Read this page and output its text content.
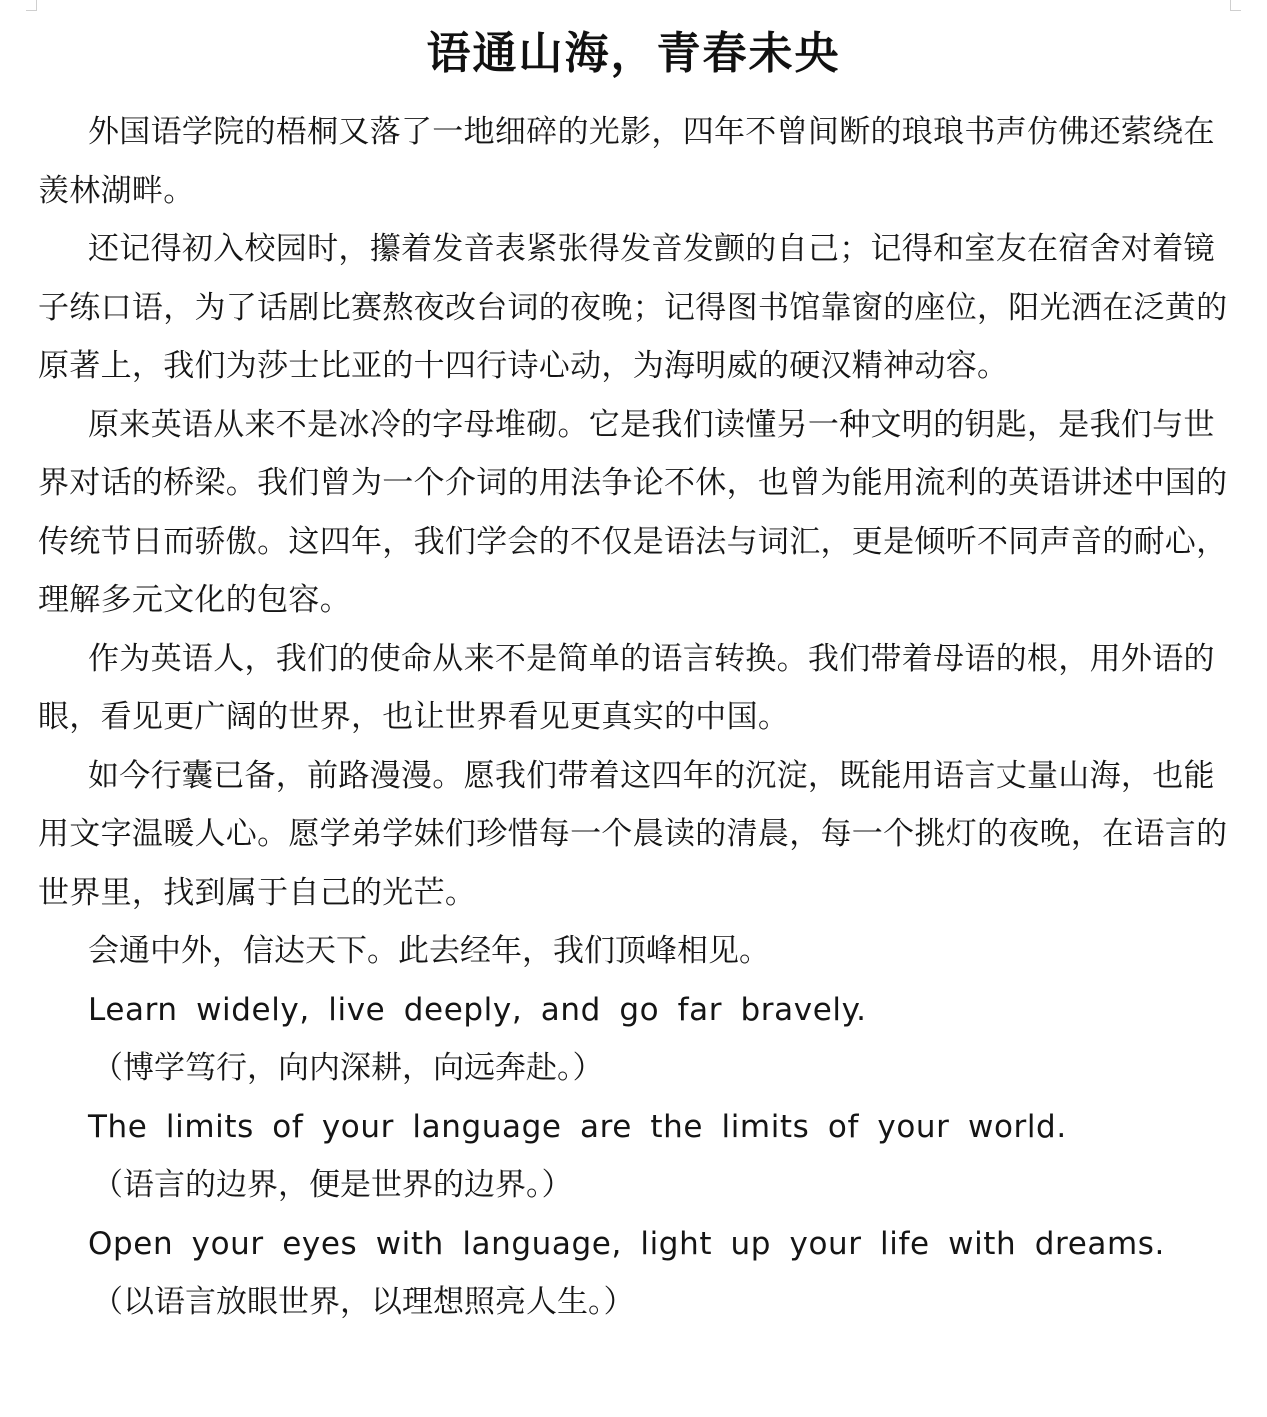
语通山海，青春未央

外国语学院的梧桐又落了一地细碎的光影，四年不曾间断的琅琅书声仿佛还萦绕在羡林湖畔。

还记得初入校园时，攥着发音表紧张得发音发颤的自己；记得和室友在宿舍对着镜子练口语，为了话剧比赛熬夜改台词的夜晚；记得图书馆靠窗的座位，阳光洒在泛黄的原著上，我们为莎士比亚的十四行诗心动，为海明威的硬汉精神动容。

原来英语从来不是冰冷的字母堆砌。它是我们读懂另一种文明的钥匙，是我们与世界对话的桥梁。我们曾为一个介词的用法争论不休，也曾为能用流利的英语讲述中国的传统节日而骄傲。这四年，我们学会的不仅是语法与词汇，更是倾听不同声音的耐心，理解多元文化的包容。

作为英语人，我们的使命从来不是简单的语言转换。我们带着母语的根，用外语的眼，看见更广阔的世界，也让世界看见更真实的中国。

如今行囊已备，前路漫漫。愿我们带着这四年的沉淀，既能用语言丈量山海，也能用文字温暖人心。愿学弟学妹们珍惜每一个晨读的清晨，每一个挑灯的夜晚，在语言的世界里，找到属于自己的光芒。

会通中外，信达天下。此去经年，我们顶峰相见。

Learn widely, live deeply, and go far bravely.

（博学笃行，向内深耕，向远奔赴。）

The limits of your language are the limits of your world.

（语言的边界，便是世界的边界。）

Open your eyes with language, light up your life with dreams.

（以语言放眼世界，以理想照亮人生。）
